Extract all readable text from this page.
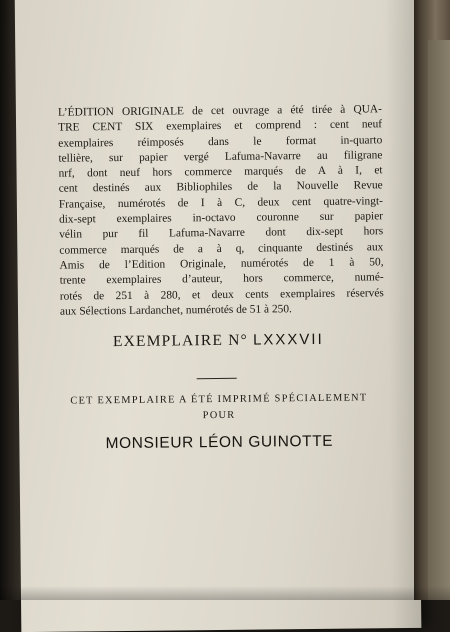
L’ÉDITION ORIGINALE de cet ouvrage a été tirée à QUA-
TRE CENT SIX exemplaires et comprend : cent neuf
exemplaires réimposés dans le format in-quarto
tellière, sur papier vergé Lafuma-Navarre au filigrane
nrf, dont neuf hors commerce marqués de A à I, et
cent destinés aux Bibliophiles de la Nouvelle Revue
Française, numérotés de I à C, deux cent quatre-vingt-
dix-sept exemplaires in-octavo couronne sur papier
vélin pur fil Lafuma-Navarre dont dix-sept hors
commerce marqués de a à q, cinquante destinés aux
Amis de l’Edition Originale, numérotés de 1 à 50,
trente exemplaires d’auteur, hors commerce, numé-
rotés de 251 à 280, et deux cents exemplaires réservés
aux Sélections Lardanchet, numérotés de 51 à 250.
EXEMPLAIRE N° LXXXVII
CET EXEMPLAIRE A ÉTÉ IMPRIMÉ SPÉCIALEMENT
POUR
MONSIEUR LÉON GUINOTTE
